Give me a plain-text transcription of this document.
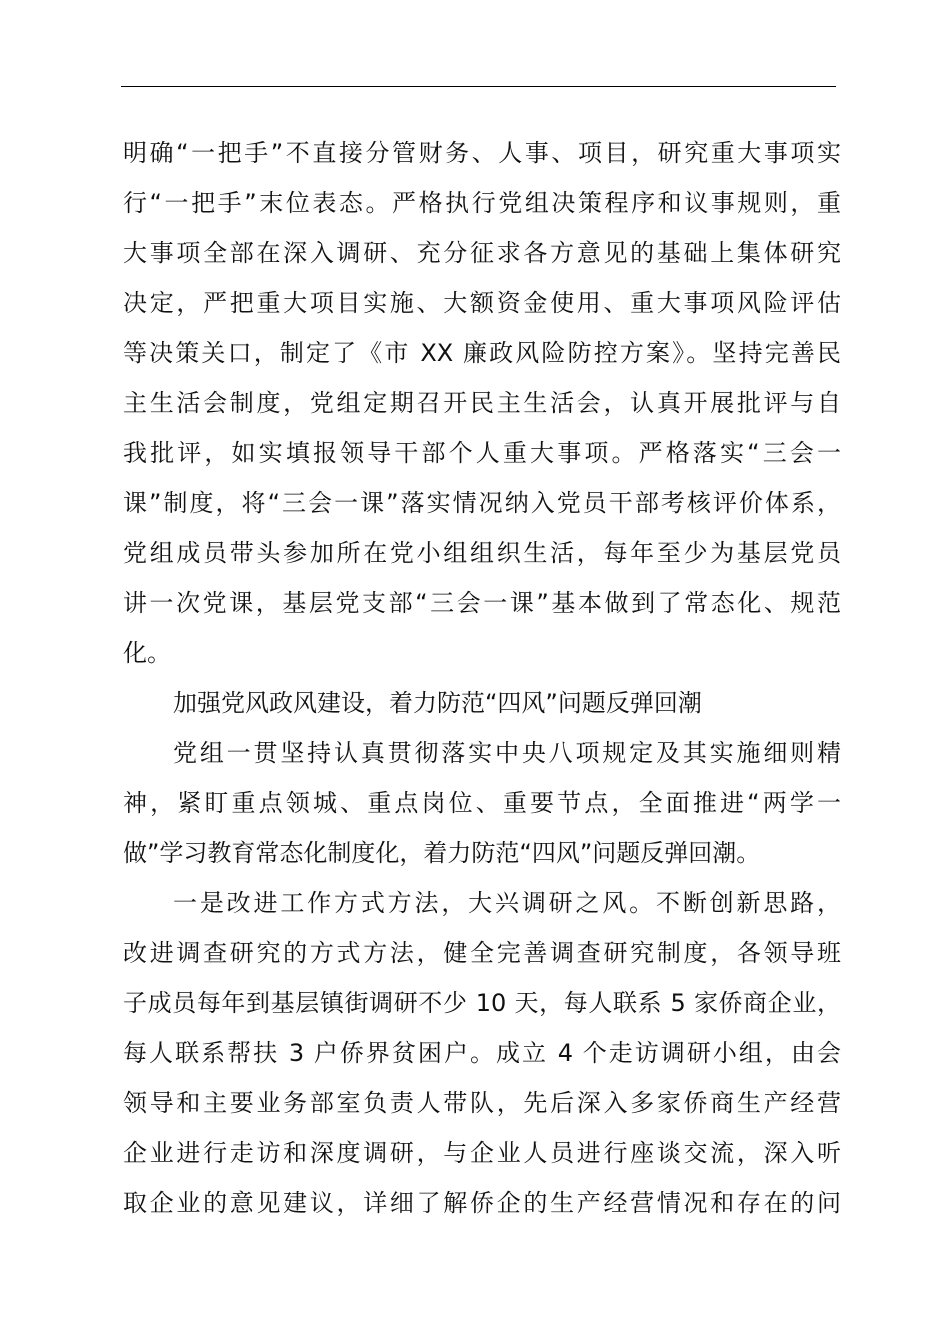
明确“一把手”不直接分管财务、人事、项目，研究重大事项实
行“一把手”末位表态。严格执行党组决策程序和议事规则，重
大事项全部在深入调研、充分征求各方意见的基础上集体研究
决定，严把重大项目实施、大额资金使用、重大事项风险评估
等决策关口，制定了《市 XX 廉政风险防控方案》。坚持完善民
主生活会制度，党组定期召开民主生活会，认真开展批评与自
我批评，如实填报领导干部个人重大事项。严格落实“三会一
课”制度，将“三会一课”落实情况纳入党员干部考核评价体系，
党组成员带头参加所在党小组组织生活，每年至少为基层党员
讲一次党课，基层党支部“三会一课”基本做到了常态化、规范
化。
加强党风政风建设，着力防范“四风”问题反弹回潮
党组一贯坚持认真贯彻落实中央八项规定及其实施细则精
神，紧盯重点领城、重点岗位、重要节点，全面推进“两学一
做”学习教育常态化制度化，着力防范“四风”问题反弹回潮。
一是改进工作方式方法，大兴调研之风。不断创新思路，
改进调查研究的方式方法，健全完善调查研究制度，各领导班
子成员每年到基层镇街调研不少 10 天，每人联系 5 家侨商企业，
每人联系帮扶 3 户侨界贫困户。成立 4 个走访调研小组，由会
领导和主要业务部室负责人带队，先后深入多家侨商生产经营
企业进行走访和深度调研，与企业人员进行座谈交流，深入听
取企业的意见建议，详细了解侨企的生产经营情况和存在的问
